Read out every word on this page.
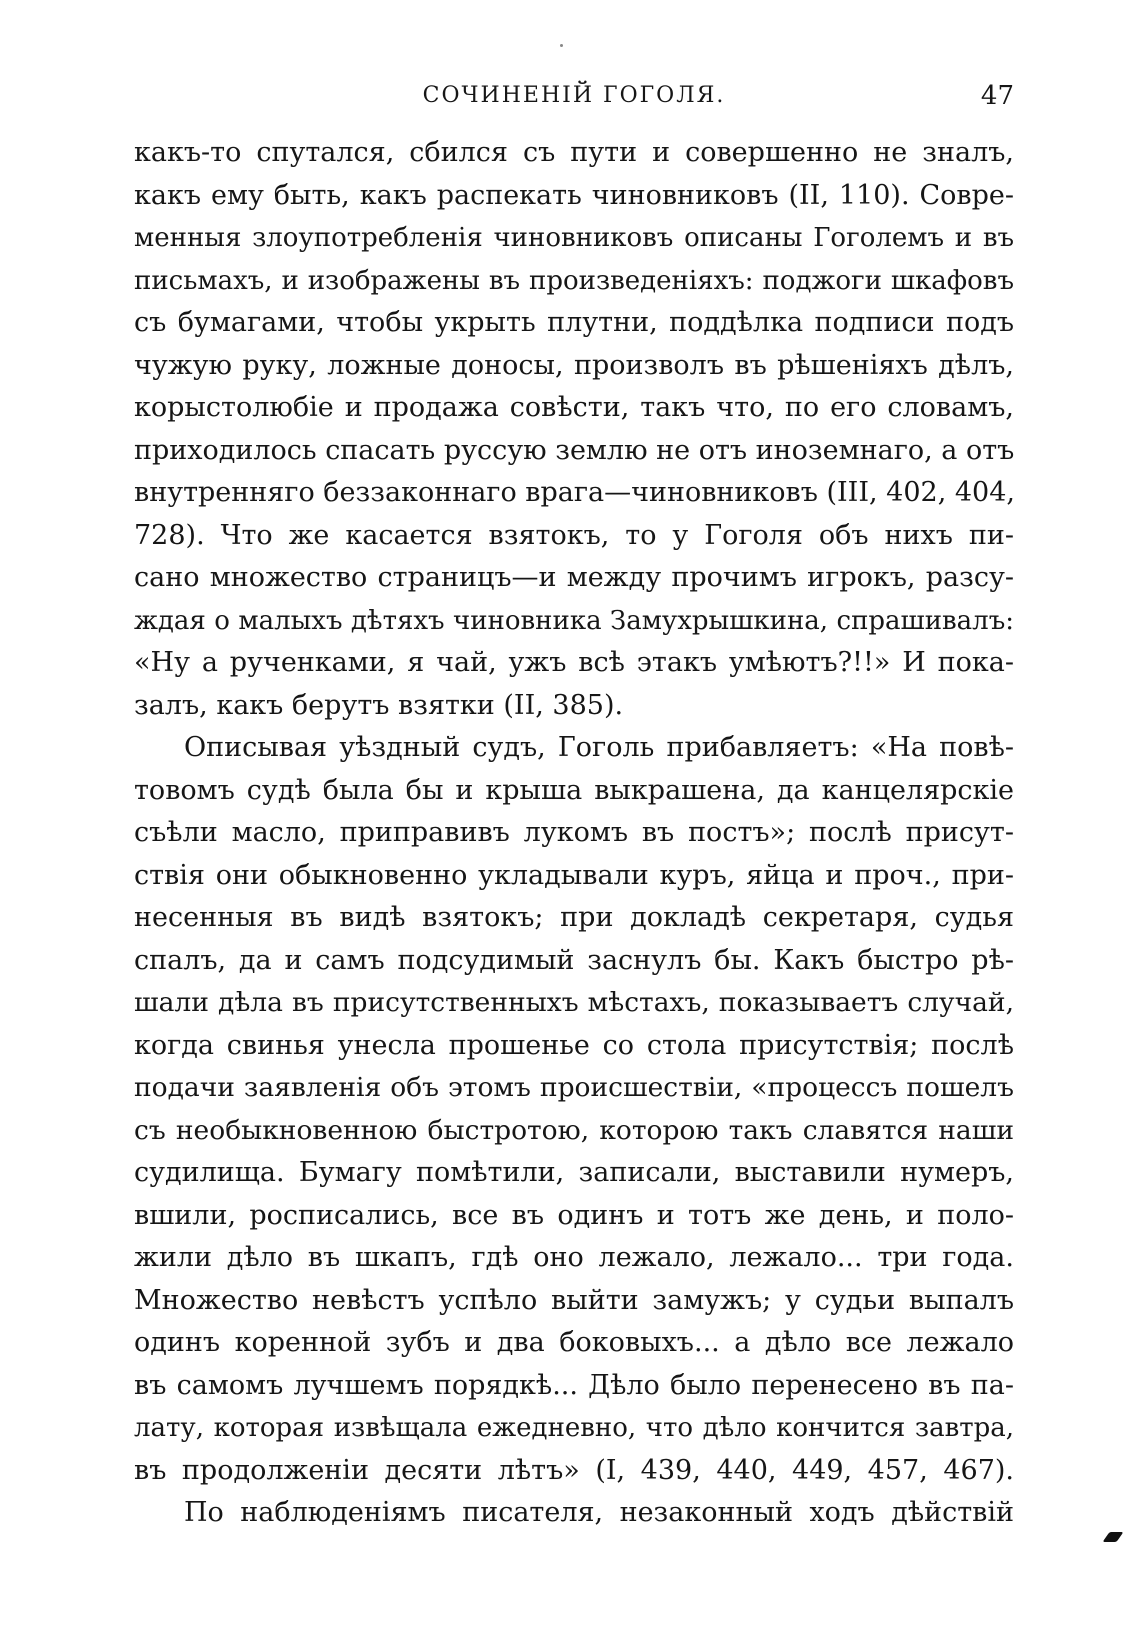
СОЧИНЕНІЙ ГОГОЛЯ.	47
какъ-то спутался, сбился съ пути и совершенно не зналъ,
какъ ему быть, какъ распекать чиновниковъ (II, 110). Совре-
менныя злоупотребленія чиновниковъ описаны Гоголемъ и въ
письмахъ, и изображены въ произведеніяхъ: поджоги шкафовъ
съ бумагами, чтобы укрыть плутни, поддѣлка подписи подъ
чужую руку, ложные доносы, произволъ въ рѣшеніяхъ дѣлъ,
корыстолюбіе и продажа совѣсти, такъ что, по его словамъ,
приходилось спасать руссую землю не отъ иноземнаго, а отъ
внутренняго беззаконнаго врага—чиновниковъ (III, 402, 404,
728). Что же касается взятокъ, то у Гоголя объ нихъ пи-
сано множество страницъ—и между прочимъ игрокъ, разсу-
ждая о малыхъ дѣтяхъ чиновника Замухрышкина, спрашивалъ:
«Ну а рученками, я чай, ужъ всѣ этакъ умѣютъ?!!» И пока-
залъ, какъ берутъ взятки (II, 385).
Описывая уѣздный судъ, Гоголь прибавляетъ: «На повѣ-
товомъ судѣ была бы и крыша выкрашена, да канцелярскіе
съѣли масло, приправивъ лукомъ въ постъ»; послѣ присут-
ствія они обыкновенно укладывали куръ, яйца и проч., при-
несенныя въ видѣ взятокъ; при докладѣ секретаря, судья
спалъ, да и самъ подсудимый заснулъ бы. Какъ быстро рѣ-
шали дѣла въ присутственныхъ мѣстахъ, показываетъ случай,
когда свинья унесла прошенье со стола присутствія; послѣ
подачи заявленія объ этомъ происшествіи, «процессъ пошелъ
съ необыкновенною быстротою, которою такъ славятся наши
судилища. Бумагу помѣтили, записали, выставили нумеръ,
вшили, росписались, все въ одинъ и тотъ же день, и поло-
жили дѣло въ шкапъ, гдѣ оно лежало, лежало... три года.
Множество невѣстъ успѣло выйти замужъ; у судьи выпалъ
одинъ коренной зубъ и два боковыхъ... а дѣло все лежало
въ самомъ лучшемъ порядкѣ... Дѣло было перенесено въ па-
лату, которая извѣщала ежедневно, что дѣло кончится завтра,
въ продолженіи десяти лѣтъ» (I, 439, 440, 449, 457, 467).
По наблюденіямъ писателя, незаконный ходъ дѣйствій
